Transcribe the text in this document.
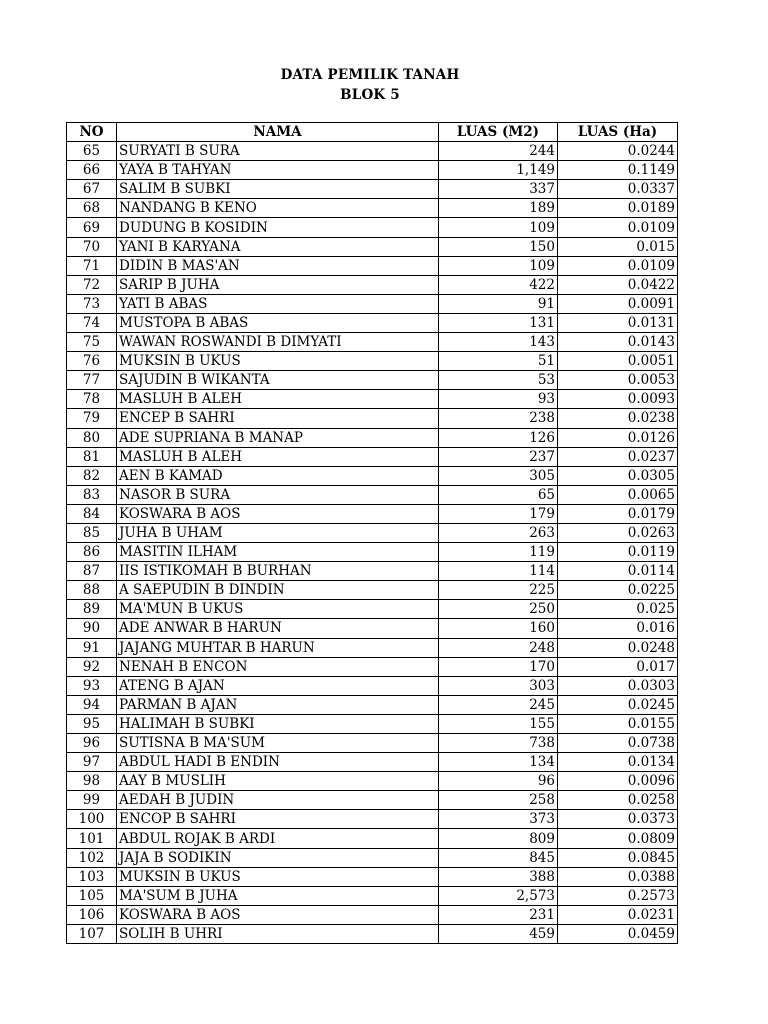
DATA PEMILIK TANAH
BLOK 5
NO	NAMA	LUAS (M2)	LUAS (Ha)
65	SURYATI B SURA	244	0.0244
66	YAYA B TAHYAN	1,149	0.1149
67	SALIM B SUBKI	337	0.0337
68	NANDANG B KENO	189	0.0189
69	DUDUNG B KOSIDIN	109	0.0109
70	YANI B KARYANA	150	0.015
71	DIDIN B MAS'AN	109	0.0109
72	SARIP B JUHA	422	0.0422
73	YATI B ABAS	91	0.0091
74	MUSTOPA B ABAS	131	0.0131
75	WAWAN ROSWANDI B DIMYATI	143	0.0143
76	MUKSIN B UKUS	51	0.0051
77	SAJUDIN B WIKANTA	53	0.0053
78	MASLUH B ALEH	93	0.0093
79	ENCEP B SAHRI	238	0.0238
80	ADE SUPRIANA B MANAP	126	0.0126
81	MASLUH B ALEH	237	0.0237
82	AEN B KAMAD	305	0.0305
83	NASOR B SURA	65	0.0065
84	KOSWARA B AOS	179	0.0179
85	JUHA B UHAM	263	0.0263
86	MASITIN ILHAM	119	0.0119
87	IIS ISTIKOMAH B BURHAN	114	0.0114
88	A SAEPUDIN B DINDIN	225	0.0225
89	MA'MUN B UKUS	250	0.025
90	ADE ANWAR B HARUN	160	0.016
91	JAJANG MUHTAR B HARUN	248	0.0248
92	NENAH B ENCON	170	0.017
93	ATENG B AJAN	303	0.0303
94	PARMAN B AJAN	245	0.0245
95	HALIMAH B SUBKI	155	0.0155
96	SUTISNA B MA'SUM	738	0.0738
97	ABDUL HADI B ENDIN	134	0.0134
98	AAY B MUSLIH	96	0.0096
99	AEDAH B JUDIN	258	0.0258
100	ENCOP B SAHRI	373	0.0373
101	ABDUL ROJAK B ARDI	809	0.0809
102	JAJA B SODIKIN	845	0.0845
103	MUKSIN B UKUS	388	0.0388
105	MA'SUM B JUHA	2,573	0.2573
106	KOSWARA B AOS	231	0.0231
107	SOLIH B UHRI	459	0.0459
